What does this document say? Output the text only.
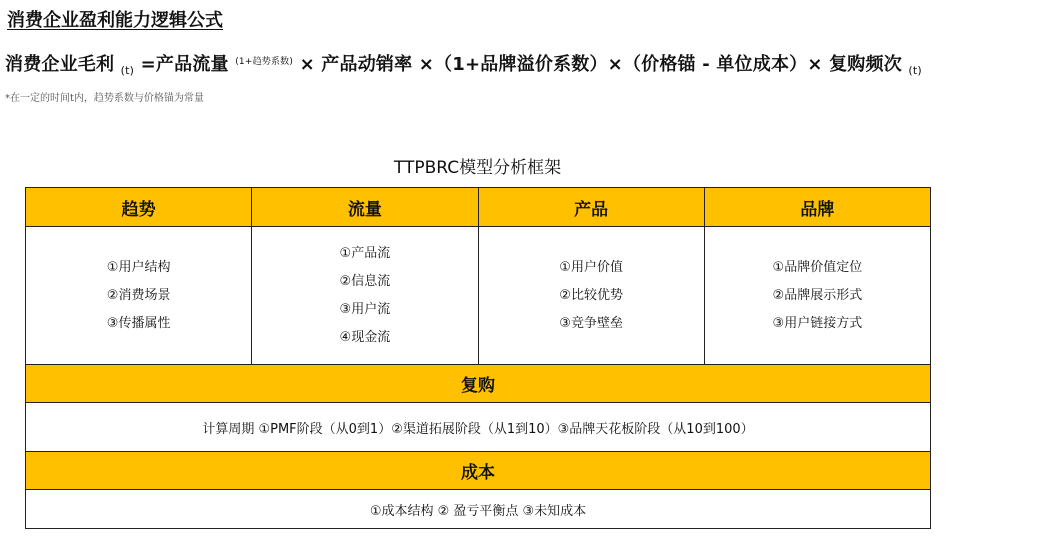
消费企业盈利能力逻辑公式
消费企业毛利 $_{(t)}$ =产品流量 $^{(1+趋势系数)}$ × 产品动销率 ×（1+品牌溢价系数）×（价格锚 - 单位成本）× 复购频次 $_{(t)}$
*在一定的时间t内，趋势系数与价格锚为常量
TTPBRC模型分析框架
趋势	流量	产品	品牌

①用户结构
②消费场景
③传播属性	①产品流
②信息流
③用户流
④现金流	①用户价值
②比较优势
③竞争壁垒	①品牌价值定位
②品牌展示形式
③用户链接方式

复购			
计算周期 ①PMF阶段（从0到1）②渠道拓展阶段（从1到10）③品牌天花板阶段（从10到100）			
成本			
①成本结构 ② 盈亏平衡点 ③未知成本			
